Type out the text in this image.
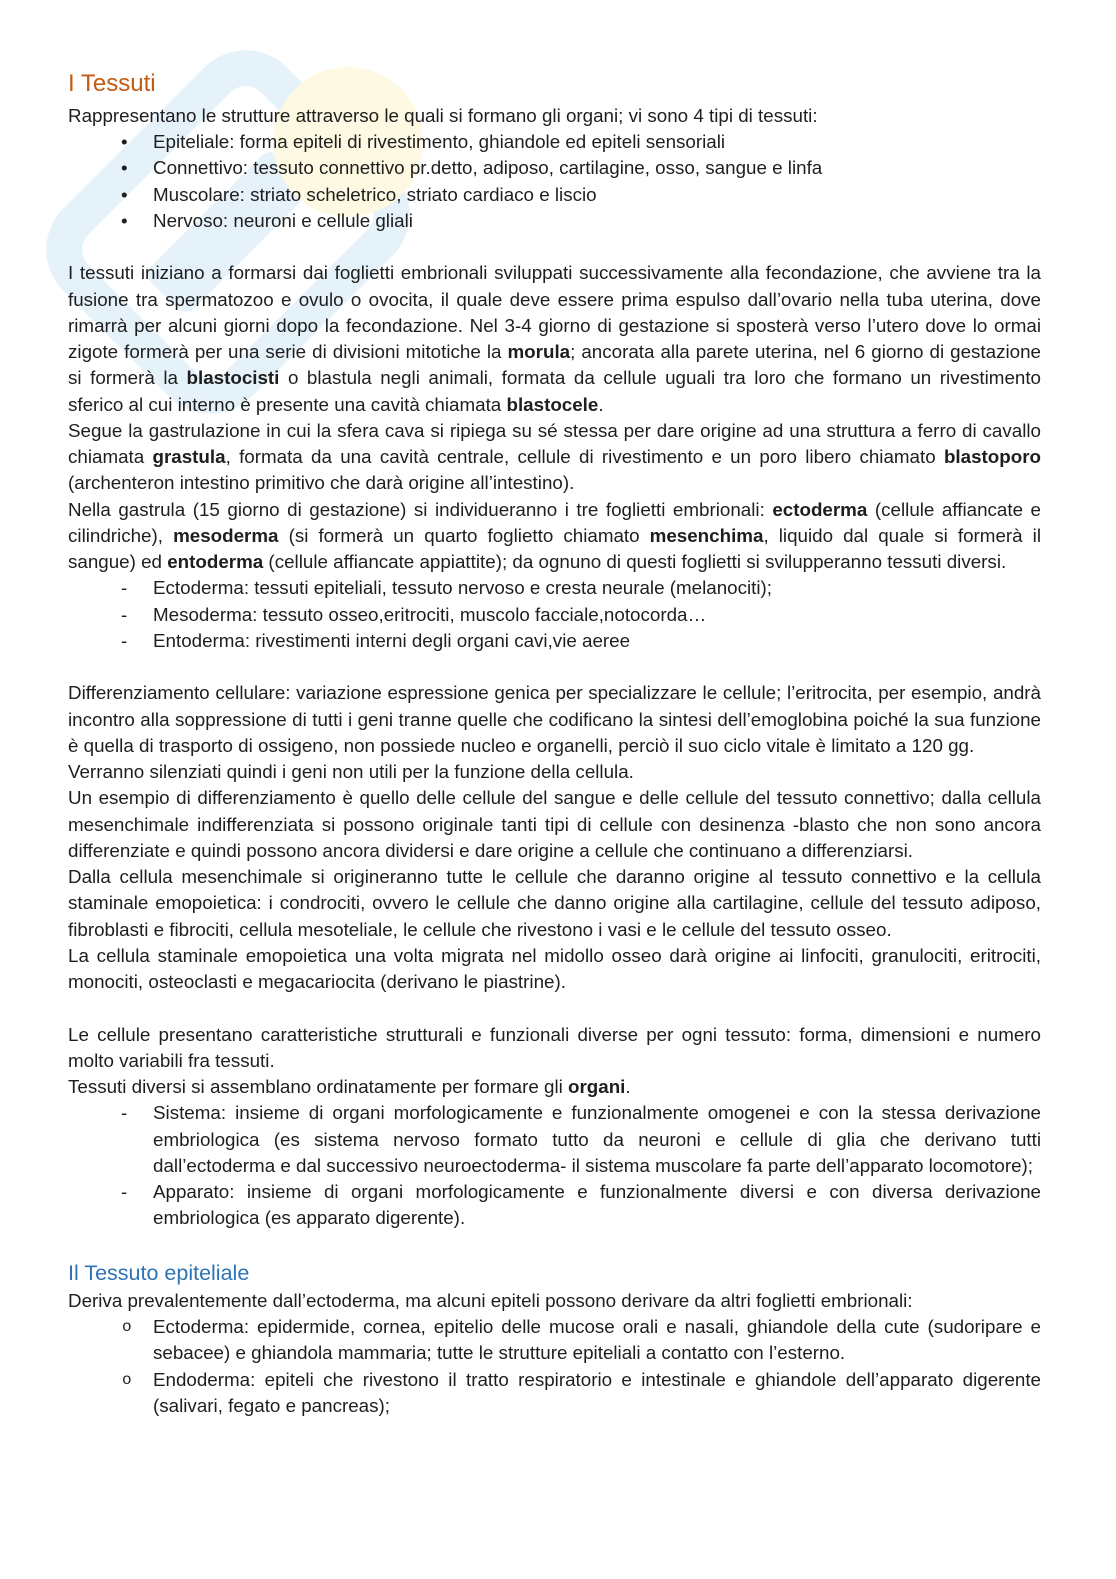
I Tessuti

Rappresentano le strutture attraverso le quali si formano gli organi; vi sono 4 tipi di tessuti:

• Epiteliale: forma epiteli di rivestimento, ghiandole ed epiteli sensoriali
• Connettivo: tessuto connettivo pr.detto, adiposo, cartilagine, osso, sangue e linfa
• Muscolare: striato scheletrico, striato cardiaco e liscio
• Nervoso: neuroni e cellule gliali

I tessuti iniziano a formarsi dai foglietti embrionali sviluppati successivamente alla fecondazione, che avviene tra la fusione tra spermatozoo e ovulo o ovocita, il quale deve essere prima espulso dall’ovario nella tuba uterina, dove rimarrà per alcuni giorni dopo la fecondazione. Nel 3-4 giorno di gestazione si sposterà verso l’utero dove lo ormai zigote formerà per una serie di divisioni mitotiche la morula; ancorata alla parete uterina, nel 6 giorno di gestazione si formerà la blastocisti o blastula negli animali, formata da cellule uguali tra loro che formano un rivestimento sferico al cui interno è presente una cavità chiamata blastocele.

Segue la gastrulazione in cui la sfera cava si ripiega su sé stessa per dare origine ad una struttura a ferro di cavallo chiamata grastula, formata da una cavità centrale, cellule di rivestimento e un poro libero chiamato blastoporo (archenteron intestino primitivo che darà origine all’intestino).

Nella gastrula (15 giorno di gestazione) si individueranno i tre foglietti embrionali: ectoderma (cellule affiancate e cilindriche), mesoderma (si formerà un quarto foglietto chiamato mesenchima, liquido dal quale si formerà il sangue) ed entoderma (cellule affiancate appiattite); da ognuno di questi foglietti si svilupperanno tessuti diversi.

- Ectoderma: tessuti epiteliali, tessuto nervoso e cresta neurale (melanociti);
- Mesoderma: tessuto osseo,eritrociti, muscolo facciale,notocorda…
- Entoderma: rivestimenti interni degli organi cavi,vie aeree

Differenziamento cellulare: variazione espressione genica per specializzare le cellule; l’eritrocita, per esempio, andrà incontro alla soppressione di tutti i geni tranne quelle che codificano la sintesi dell’emoglobina poiché la sua funzione è quella di trasporto di ossigeno, non possiede nucleo e organelli, perciò il suo ciclo vitale è limitato a 120 gg.

Verranno silenziati quindi i geni non utili per la funzione della cellula.

Un esempio di differenziamento è quello delle cellule del sangue e delle cellule del tessuto connettivo; dalla cellula mesenchimale indifferenziata si possono originale tanti tipi di cellule con desinenza -blasto che non sono ancora differenziate e quindi possono ancora dividersi e dare origine a cellule che continuano a differenziarsi.

Dalla cellula mesenchimale si origineranno tutte le cellule che daranno origine al tessuto connettivo e la cellula staminale emopoietica: i condrociti, ovvero le cellule che danno origine alla cartilagine, cellule del tessuto adiposo, fibroblasti e fibrociti, cellula mesoteliale, le cellule che rivestono i vasi e le cellule del tessuto osseo.

La cellula staminale emopoietica una volta migrata nel midollo osseo darà origine ai linfociti, granulociti, eritrociti, monociti, osteoclasti e megacariocita (derivano le piastrine).

Le cellule presentano caratteristiche strutturali e funzionali diverse per ogni tessuto: forma, dimensioni e numero molto variabili fra tessuti.

Tessuti diversi si assemblano ordinatamente per formare gli organi.

- Sistema: insieme di organi morfologicamente e funzionalmente omogenei e con la stessa derivazione embriologica (es sistema nervoso formato tutto da neuroni e cellule di glia che derivano tutti dall’ectoderma e dal successivo neuroectoderma- il sistema muscolare fa parte dell’apparato locomotore);
- Apparato: insieme di organi morfologicamente e funzionalmente diversi e con diversa derivazione embriologica (es apparato digerente).
Il Tessuto epiteliale

Deriva prevalentemente dall’ectoderma, ma alcuni epiteli possono derivare da altri foglietti embrionali:

o Ectoderma: epidermide, cornea, epitelio delle mucose orali e nasali, ghiandole della cute (sudoripare e sebacee) e ghiandola mammaria; tutte le strutture epiteliali a contatto con l’esterno.
o Endoderma: epiteli che rivestono il tratto respiratorio e intestinale e ghiandole dell’apparato digerente (salivari, fegato e pancreas);
